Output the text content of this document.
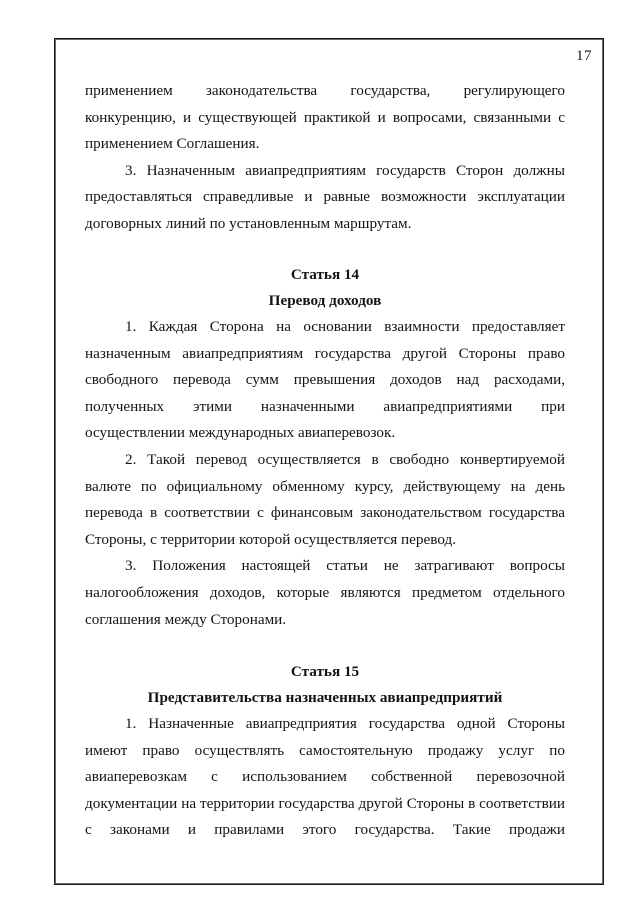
17

применением законодательства государства, регулирующего

конкуренцию, и существующей практикой и вопросами, связанными с применением Соглашения.

3. Назначенным авиапредприятиям государств Сторон должны предоставляться справедливые и равные возможности эксплуатации договорных линий по установленным маршрутам.

Статья 14

Перевод доходов

1. Каждая Сторона на основании взаимности предоставляет назначенным авиапредприятиям государства другой Стороны право свободного перевода сумм превышения доходов над расходами, полученных этими назначенными авиапредприятиями при осуществлении международных авиаперевозок.

2. Такой перевод осуществляется в свободно конвертируемой валюте по официальному обменному курсу, действующему на день перевода в соответствии с финансовым законодательством государства Стороны, с территории которой осуществляется перевод.

3. Положения настоящей статьи не затрагивают вопросы налогообложения доходов, которые являются предметом отдельного соглашения между Сторонами.

Статья 15

Представительства назначенных авиапредприятий

1. Назначенные авиапредприятия государства одной Стороны имеют право осуществлять самостоятельную продажу услуг по авиаперевозкам с использованием собственной перевозочной документации на территории государства другой Стороны в соответствии с законами и правилами этого государства. Такие продажи
